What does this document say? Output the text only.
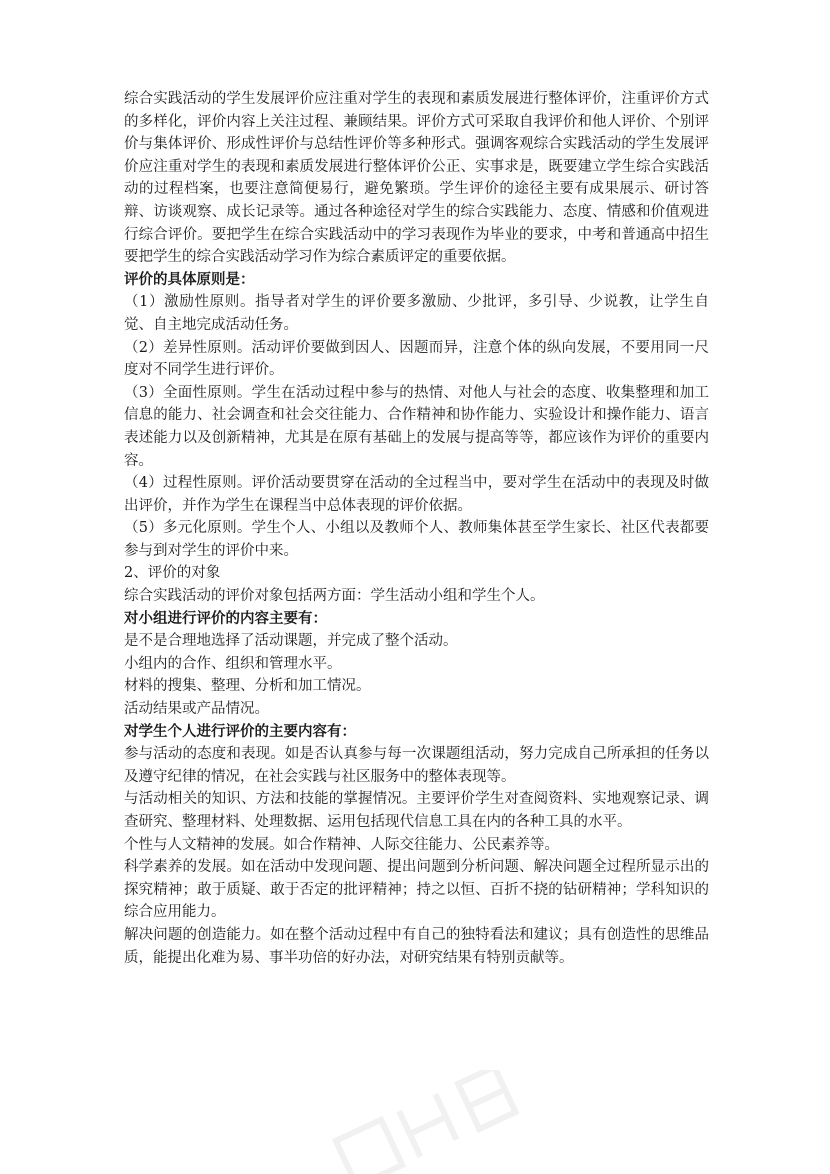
综合实践活动的学生发展评价应注重对学生的表现和素质发展进行整体评价，注重评价方式的多样化，评价内容上关注过程、兼顾结果。评价方式可采取自我评价和他人评价、个别评价与集体评价、形成性评价与总结性评价等多种形式。强调客观综合实践活动的学生发展评价应注重对学生的表现和素质发展进行整体评价公正、实事求是，既要建立学生综合实践活动的过程档案，也要注意简便易行，避免繁琐。学生评价的途径主要有成果展示、研讨答辩、访谈观察、成长记录等。通过各种途径对学生的综合实践能力、态度、情感和价值观进行综合评价。要把学生在综合实践活动中的学习表现作为毕业的要求，中考和普通高中招生要把学生的综合实践活动学习作为综合素质评定的重要依据。

评价的具体原则是：

（1）激励性原则。指导者对学生的评价要多激励、少批评，多引导、少说教，让学生自觉、自主地完成活动任务。

（2）差异性原则。活动评价要做到因人、因题而异，注意个体的纵向发展，不要用同一尺度对不同学生进行评价。

（3）全面性原则。学生在活动过程中参与的热情、对他人与社会的态度、收集整理和加工信息的能力、社会调查和社会交往能力、合作精神和协作能力、实验设计和操作能力、语言表述能力以及创新精神，尤其是在原有基础上的发展与提高等等，都应该作为评价的重要内容。

（4）过程性原则。评价活动要贯穿在活动的全过程当中，要对学生在活动中的表现及时做出评价，并作为学生在课程当中总体表现的评价依据。

（5）多元化原则。学生个人、小组以及教师个人、教师集体甚至学生家长、社区代表都要参与到对学生的评价中来。

2、评价的对象

综合实践活动的评价对象包括两方面：学生活动小组和学生个人。

对小组进行评价的内容主要有：

是不是合理地选择了活动课题，并完成了整个活动。

小组内的合作、组织和管理水平。

材料的搜集、整理、分析和加工情况。

活动结果或产品情况。

对学生个人进行评价的主要内容有：

参与活动的态度和表现。如是否认真参与每一次课题组活动，努力完成自己所承担的任务以及遵守纪律的情况，在社会实践与社区服务中的整体表现等。

与活动相关的知识、方法和技能的掌握情况。主要评价学生对查阅资料、实地观察记录、调查研究、整理材料、处理数据、运用包括现代信息工具在内的各种工具的水平。

个性与人文精神的发展。如合作精神、人际交往能力、公民素养等。

科学素养的发展。如在活动中发现问题、提出问题到分析问题、解决问题全过程所显示出的探究精神；敢于质疑、敢于否定的批评精神；持之以恒、百折不挠的钻研精神；学科知识的综合应用能力。

解决问题的创造能力。如在整个活动过程中有自己的独特看法和建议；具有创造性的思维品质，能提出化难为易、事半功倍的好办法，对研究结果有特别贡献等。
